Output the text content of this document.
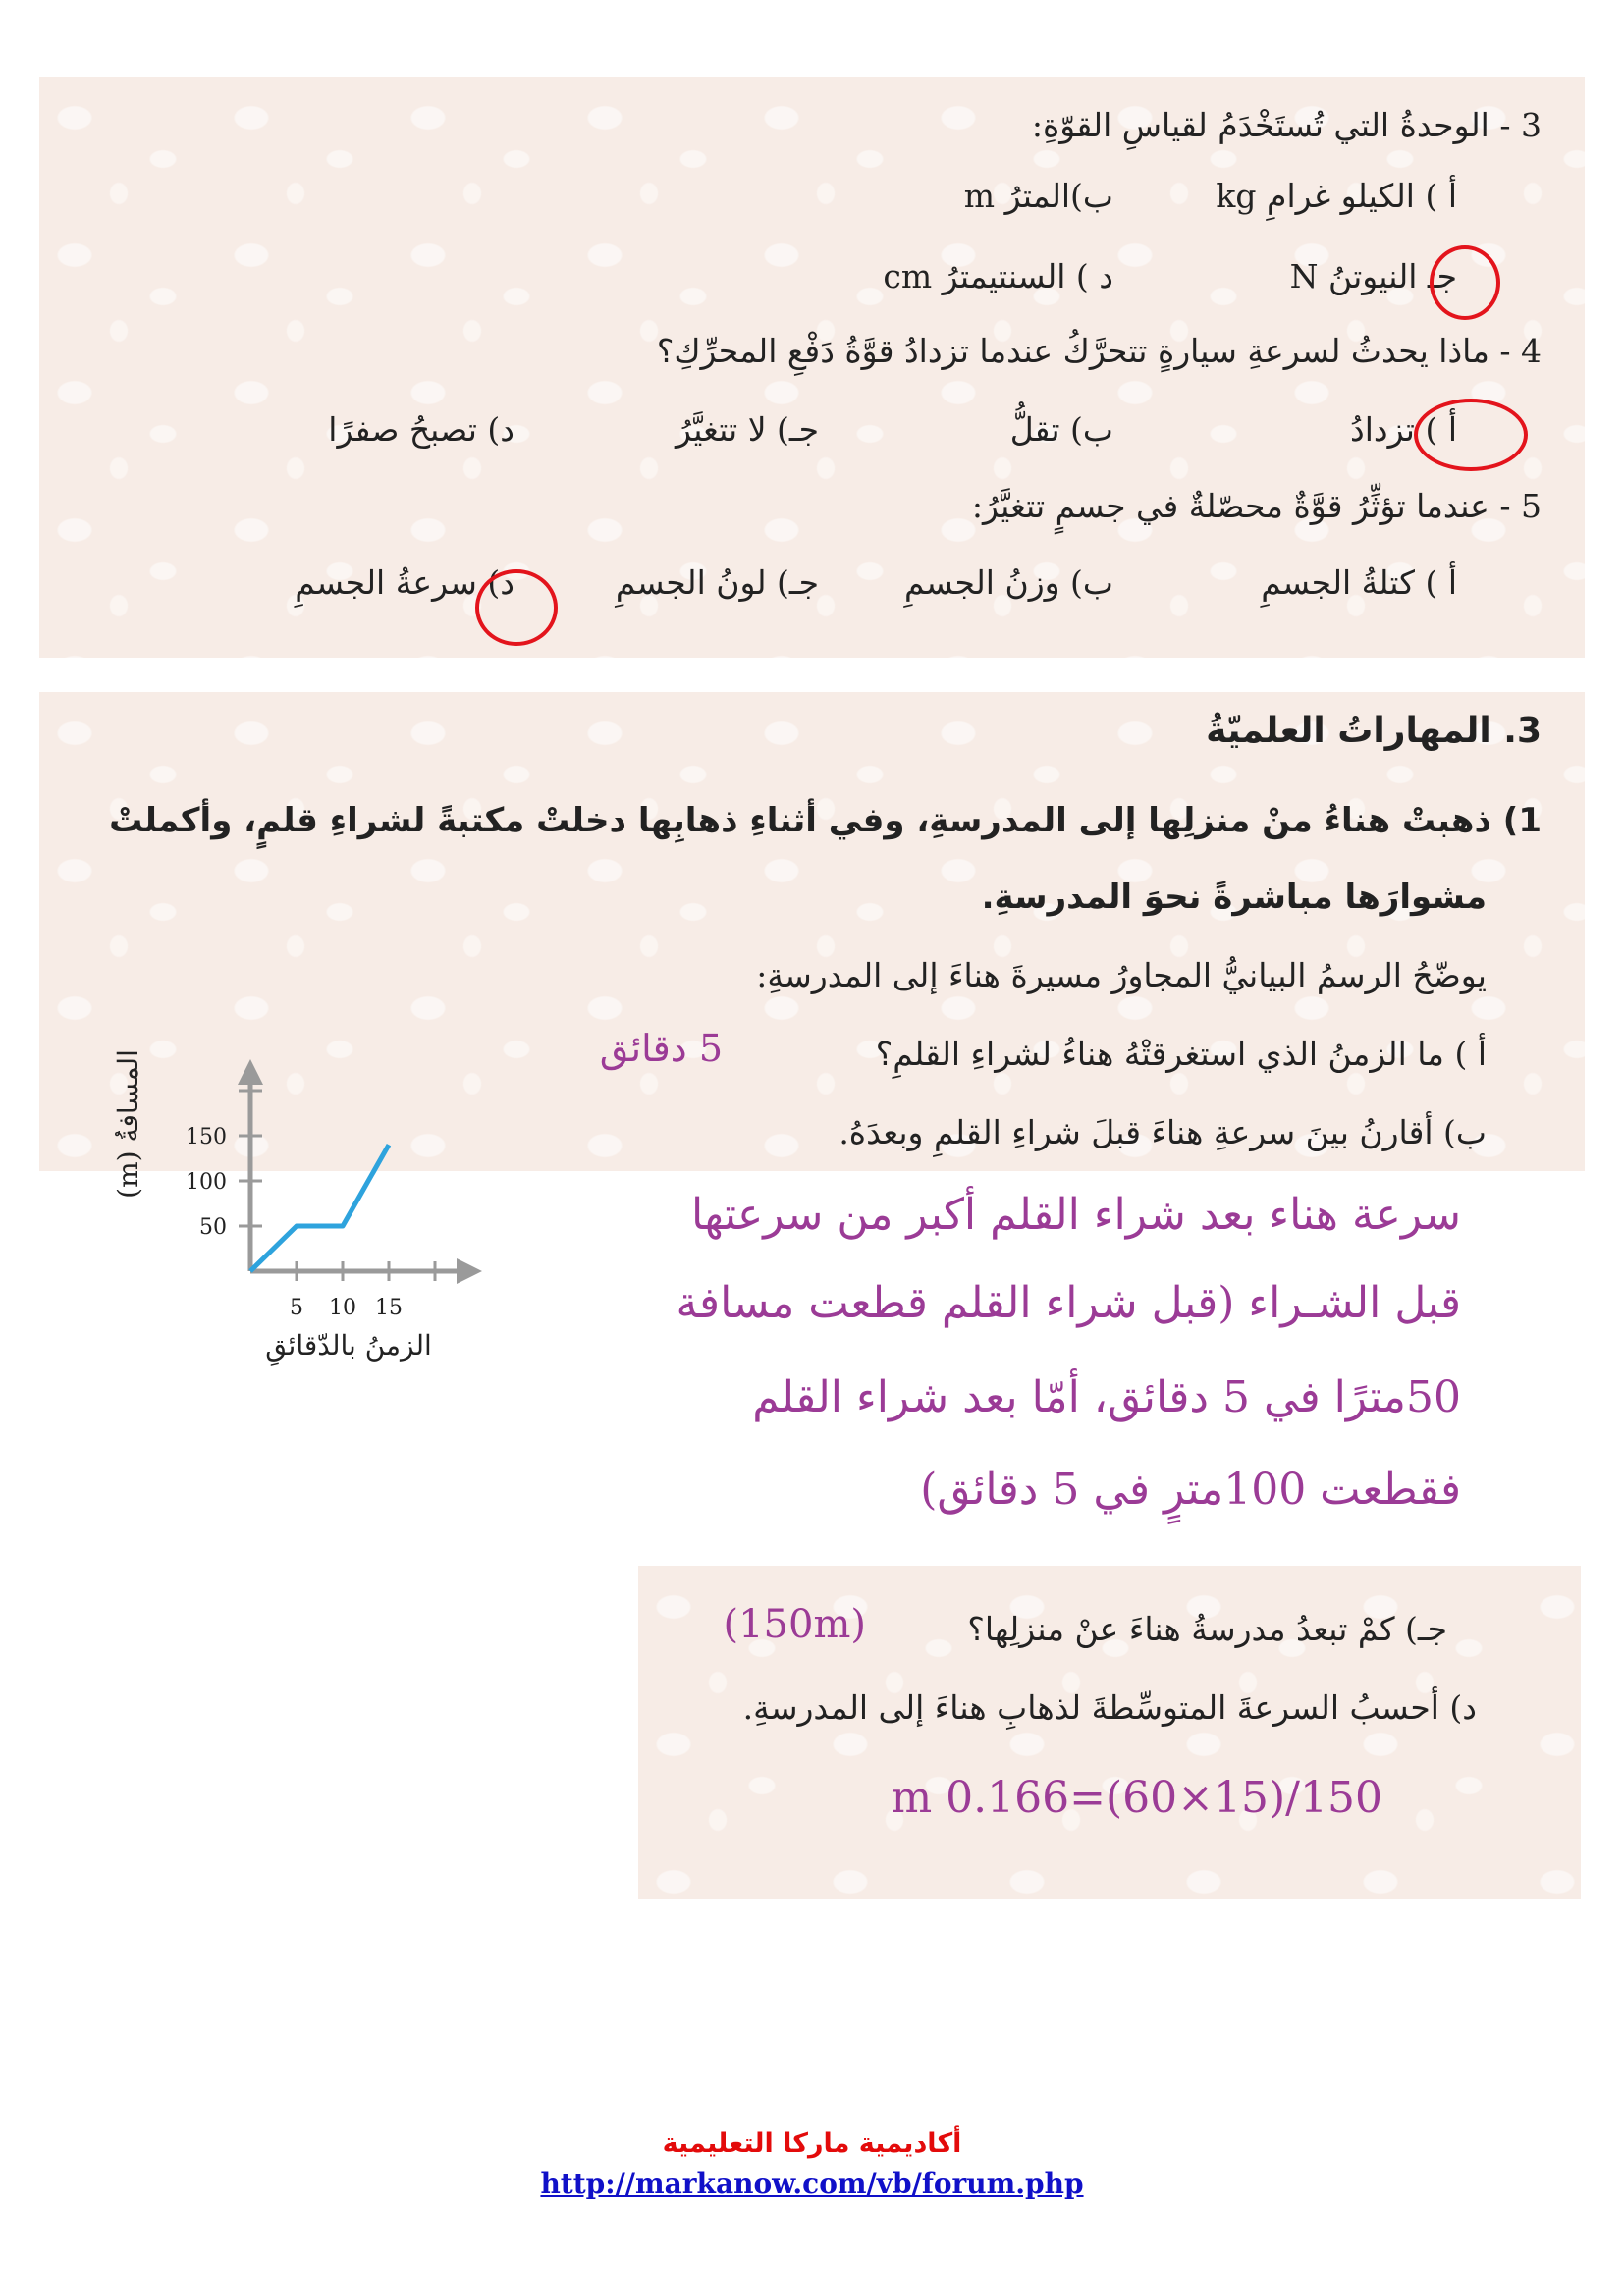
3 - الوحدةُ التي تُستَخْدَمُ لقياسِ القوّةِ:
أ ) الكيلو غرامِ kg
ب)المترُ m
جـ النيوتنُ N
د ) السنتيمترُ cm
4 - ماذا يحدثُ لسرعةِ سيارةٍ تتحرَّكُ عندما تزدادُ قوَّةُ دَفْعِ المحرِّكِ؟
أ ) تزدادُ
ب) تقلُّ
جـ) لا تتغيَّرُ
د) تصبحُ صفرًا
5 - عندما تؤثِّرُ قوَّةٌ محصّلةٌ في جسمٍ تتغيَّرُ:
أ ) كتلةُ الجسمِ
ب) وزنُ الجسمِ
جـ) لونُ الجسمِ
د) سرعةُ الجسمِ
3. المهاراتُ العلميّةُ
1) ذهبتْ هناءُ منْ منزلِها إلى المدرسةِ، وفي أثناءِ ذهابِها دخلتْ مكتبةً لشراءِ قلمٍ، وأكملتْ
مشوارَها مباشرةً نحوَ المدرسةِ.
يوضّحُ الرسمُ البيانيُّ المجاورُ مسيرةَ هناءَ إلى المدرسةِ:
أ ) ما الزمنُ الذي استغرقتْهُ هناءُ لشراءِ القلمِ؟
5 دقائق
ب) أقارنُ بينَ سرعةِ هناءَ قبلَ شراءِ القلمِ وبعدَهُ.
سرعة هناء بعد شراء القلم أكبر من سرعتها
قبل الشـراء (قبل شراء القلم قطعت مسافة
50مترًا في 5 دقائق، أمّا بعد شراء القلم
فقطعت 100مترٍ في 5 دقائق)
جـ) كمْ تبعدُ مدرسةُ هناءَ عنْ منزلِها؟
(150m)
د) أحسبُ السرعةَ المتوسِّطةَ لذهابِ هناءَ إلى المدرسةِ.
m 0.166=(60×15)/150
50
100
150
5 10 15
الزمنُ بالدّقائقِ
المسافةُ (m)
أكاديمية ماركا التعليمية
http://markanow.com/vb/forum.php
